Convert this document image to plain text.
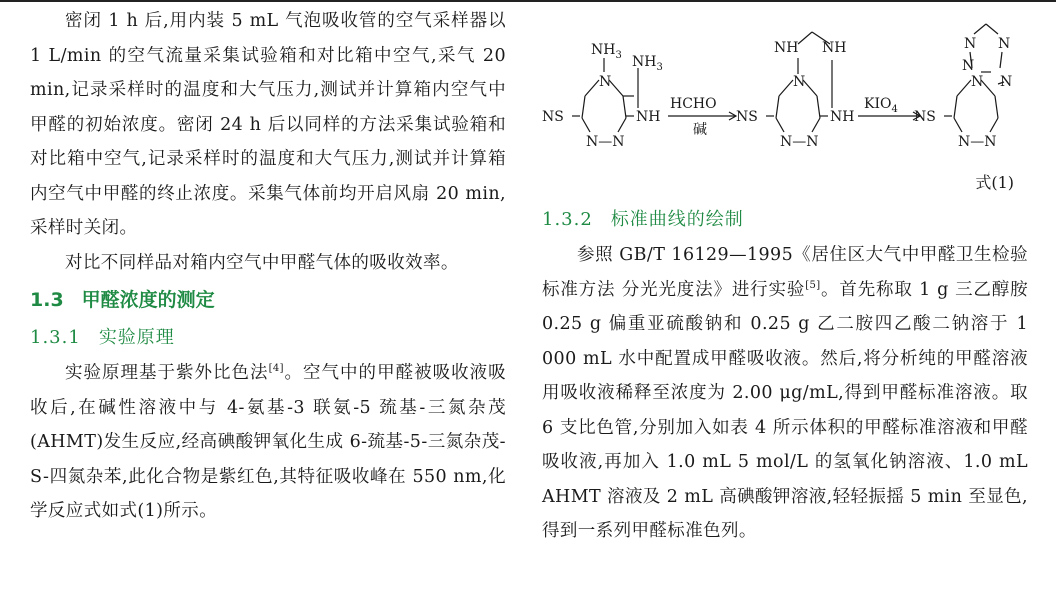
密闭 1 h 后,用内装 5 mL 气泡吸收管的空气采样器以 1 L/min 的空气流量采集试验箱和对比箱中空气,采气 20 min,记录采样时的温度和大气压力,测试并计算箱内空气中甲醛的初始浓度。密闭 24 h 后以同样的方法采集试验箱和对比箱中空气,记录采样时的温度和大气压力,测试并计算箱内空气中甲醛的终止浓度。采集气体前均开启风扇 20 min,采样时关闭。

对比不同样品对箱内空气中甲醛气体的吸收效率。

1.3 甲醛浓度的测定
1.3.1 实验原理

实验原理基于紫外比色法[4]。空气中的甲醛被吸收液吸收后,在碱性溶液中与 4-氨基-3 联氨-5 巯基-三氮杂茂(AHMT)发生反应,经高碘酸钾氧化生成 6-巯基-5-三氮杂茂-S-四氮杂苯,此化合物是紫红色,其特征吸收峰在 550 nm,化学反应式如式(1)所示。

$NH_3$ $NH_3$
N
NS	NH
N—N
HCHO
碱
NH NH
N
NS	NH
N—N
$KIO_4$
N N
N N
N
NS
N—N
式(1)
1.3.2 标准曲线的绘制

参照 GB/T 16129—1995《居住区大气中甲醛卫生检验标准方法 分光光度法》进行实验[5]。首先称取 1 g 三乙醇胺 0.25 g 偏重亚硫酸钠和 0.25 g 乙二胺四乙酸二钠溶于 1 000 mL 水中配置成甲醛吸收液。然后,将分析纯的甲醛溶液用吸收液稀释至浓度为 2.00 μg/mL,得到甲醛标准溶液。取 6 支比色管,分别加入如表 4 所示体积的甲醛标准溶液和甲醛吸收液,再加入 1.0 mL 5 mol/L 的氢氧化钠溶液、1.0 mL AHMT 溶液及 2 mL 高碘酸钾溶液,轻轻振摇 5 min 至显色,得到一系列甲醛标准色列。
